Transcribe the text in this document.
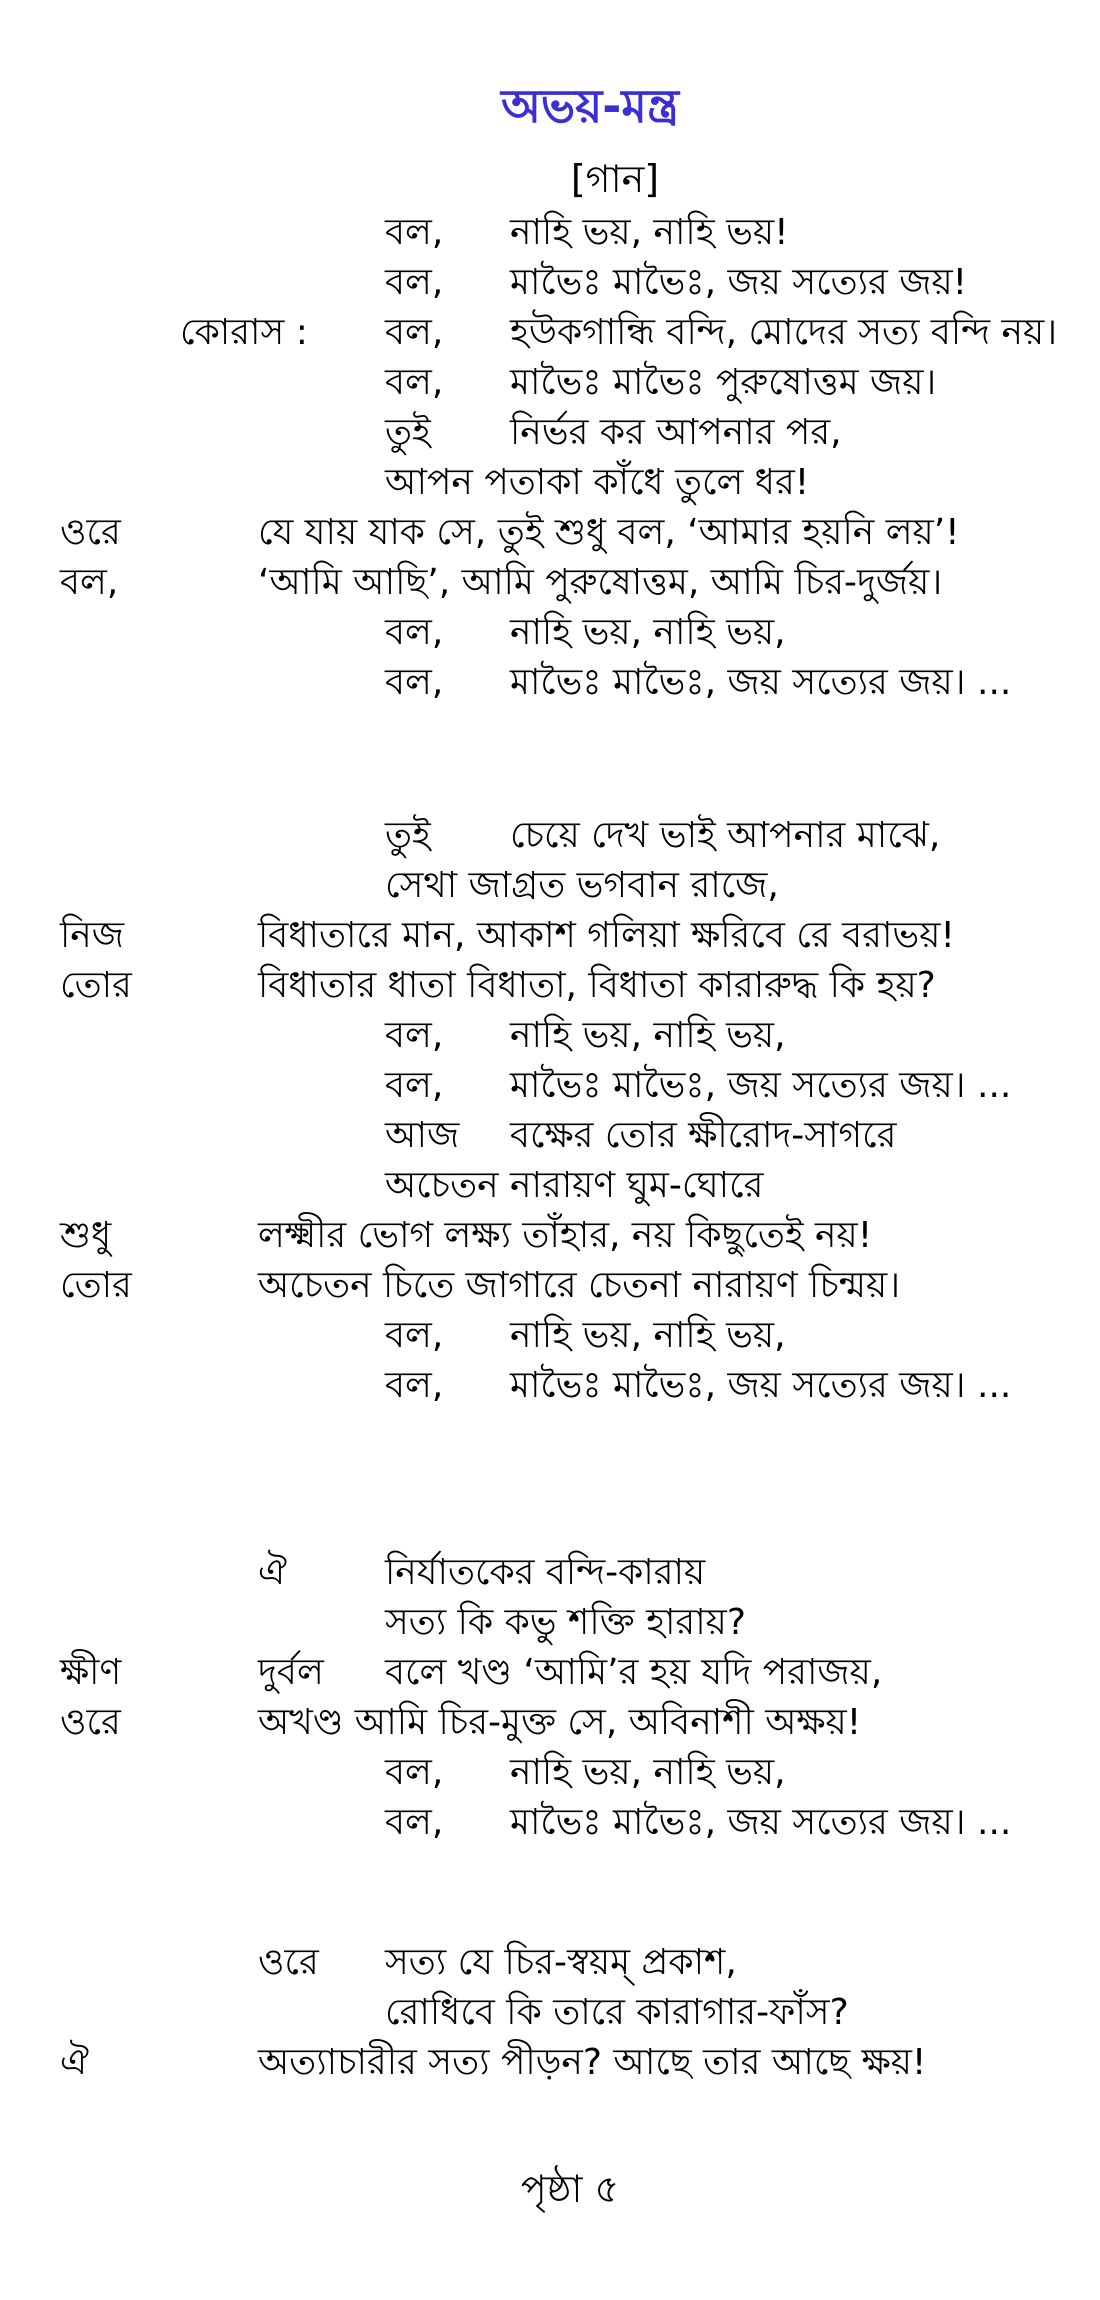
অভয়-মন্ত্র
[গান]
বল, নাহি ভয়, নাহি ভয়!
বল, মাভৈঃ মাভৈঃ, জয় সত্যের জয়!
কোরাস : বল, হউকগান্ধি বন্দি, মোদের সত্য বন্দি নয়।
বল, মাভৈঃ মাভৈঃ পুরুষোত্তম জয়।
তুই নির্ভর কর আপনার পর,
আপন পতাকা কাঁধে তুলে ধর!
ওরে	যে যায় যাক সে, তুই শুধু বল, ‘আমার হয়নি লয়’!
বল,	‘আমি আছি’, আমি পুরুষোত্তম, আমি চির-দুর্জয়।
বল, নাহি ভয়, নাহি ভয়,
বল, মাভৈঃ মাভৈঃ, জয় সত্যের জয়। ...
তুই চেয়ে দেখ ভাই আপনার মাঝে,
সেথা জাগ্রত ভগবান রাজে,
নিজ	বিধাতারে মান, আকাশ গলিয়া ক্ষরিবে রে বরাভয়!
তোর	বিধাতার ধাতা বিধাতা, বিধাতা কারারুদ্ধ কি হয়?
বল, নাহি ভয়, নাহি ভয়,
বল, মাভৈঃ মাভৈঃ, জয় সত্যের জয়। ...
আজ বক্ষের তোর ক্ষীরোদ-সাগরে
অচেতন নারায়ণ ঘুম-ঘোরে
শুধু	লক্ষ্মীর ভোগ লক্ষ্য তাঁহার, নয় কিছুতেই নয়!
তোর	অচেতন চিতে জাগারে চেতনা নারায়ণ চিন্ময়।
বল, নাহি ভয়, নাহি ভয়,
বল, মাভৈঃ মাভৈঃ, জয় সত্যের জয়। ...
ঐ	নির্যাতকের বন্দি-কারায়
সত্য কি কভু শক্তি হারায়?
ক্ষীণ	দুর্বল বলে খণ্ড ‘আমি’র হয় যদি পরাজয়,
ওরে	অখণ্ড আমি চির-মুক্ত সে, অবিনাশী অক্ষয়!
বল, নাহি ভয়, নাহি ভয়,
বল, মাভৈঃ মাভৈঃ, জয় সত্যের জয়। ...
ওরে সত্য যে চির-স্বয়ম্ প্রকাশ,
রোধিবে কি তারে কারাগার-ফাঁস?
ঐ	অত্যাচারীর সত্য পীড়ন? আছে তার আছে ক্ষয়!
পৃষ্ঠা ৫
